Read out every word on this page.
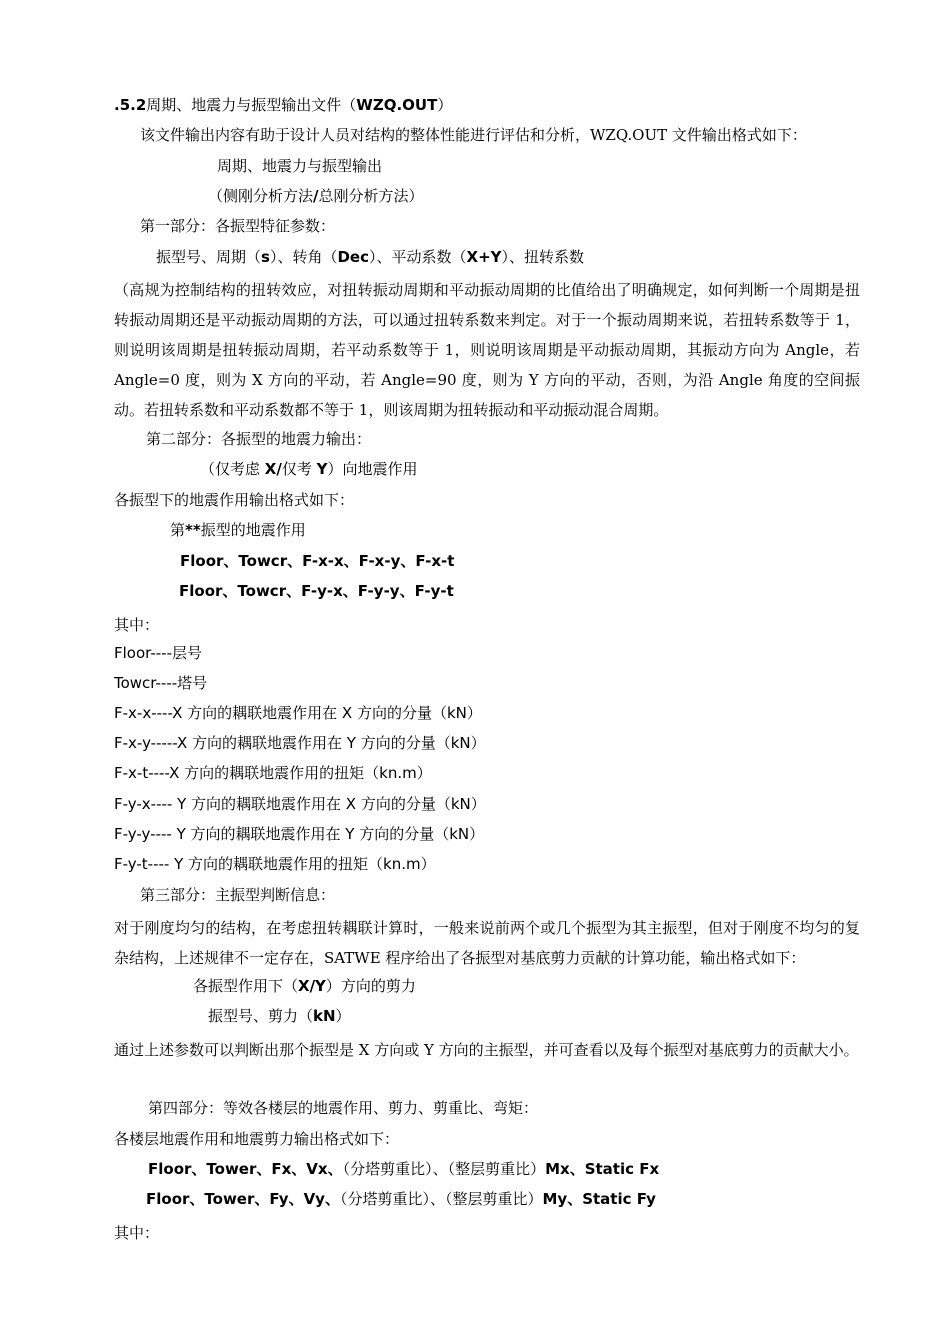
.5.2周期、地震力与振型输出文件（WZQ.OUT）
该文件输出内容有助于设计人员对结构的整体性能进行评估和分析，WZQ.OUT 文件输出格式如下：
周期、地震力与振型输出
（侧刚分析方法/总刚分析方法）
第一部分：各振型特征参数：
振型号、周期（s）、转角（Dec）、平动系数（X+Y）、扭转系数
（高规为控制结构的扭转效应，对扭转振动周期和平动振动周期的比值给出了明确规定，如何判断一个周期是扭转振动周期还是平动振动周期的方法，可以通过扭转系数来判定。对于一个振动周期来说，若扭转系数等于 1，则说明该周期是扭转振动周期，若平动系数等于 1，则说明该周期是平动振动周期，其振动方向为 Angle，若 Angle=0 度，则为 X 方向的平动，若 Angle=90 度，则为 Y 方向的平动，否则，为沿 Angle 角度的空间振动。若扭转系数和平动系数都不等于 1，则该周期为扭转振动和平动振动混合周期。
第二部分：各振型的地震力输出：
（仅考虑 X/仅考 Y）向地震作用
各振型下的地震作用输出格式如下：
第**振型的地震作用
Floor、Towcr、F-x-x、F-x-y、F-x-t
Floor、Towcr、F-y-x、F-y-y、F-y-t
其中：
Floor----层号
Towcr----塔号
F-x-x----X 方向的耦联地震作用在 X 方向的分量（kN）
F-x-y-----X 方向的耦联地震作用在 Y 方向的分量（kN）
F-x-t----X 方向的耦联地震作用的扭矩（kn.m）
F-y-x---- Y 方向的耦联地震作用在 X 方向的分量（kN）
F-y-y---- Y 方向的耦联地震作用在 Y 方向的分量（kN）
F-y-t---- Y 方向的耦联地震作用的扭矩（kn.m）
第三部分：主振型判断信息：
对于刚度均匀的结构，在考虑扭转耦联计算时，一般来说前两个或几个振型为其主振型，但对于刚度不均匀的复杂结构，上述规律不一定存在，SATWE 程序给出了各振型对基底剪力贡献的计算功能，输出格式如下：
各振型作用下（X/Y）方向的剪力
振型号、剪力（kN）
通过上述参数可以判断出那个振型是 X 方向或 Y 方向的主振型，并可查看以及每个振型对基底剪力的贡献大小。
第四部分：等效各楼层的地震作用、剪力、剪重比、弯矩：
各楼层地震作用和地震剪力输出格式如下：
Floor、Tower、Fx、Vx、（分塔剪重比）、（整层剪重比）Mx、Static Fx
Floor、Tower、Fy、Vy、（分塔剪重比）、（整层剪重比）My、Static Fy
其中：
